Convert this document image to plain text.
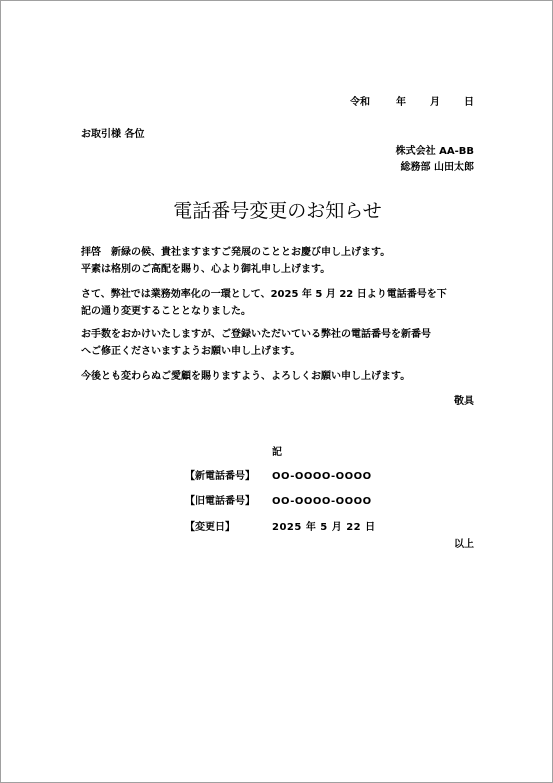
令和	年 月 日
お取引様 各位
株式会社 AA-BB
総務部 山田太郎
電話番号変更のお知らせ
拝啓　新緑の候、貴社ますますご発展のこととお慶び申し上げます。
平素は格別のご高配を賜り、心より御礼申し上げます。
さて、弊社では業務効率化の一環として、2025 年 5 月 22 日より電話番号を下
記の通り変更することとなりました。
お手数をおかけいたしますが、ご登録いただいている弊社の電話番号を新番号
へご修正くださいますようお願い申し上げます。
今後とも変わらぬご愛顧を賜りますよう、よろしくお願い申し上げます。
敬具
記
【新電話番号】 OO-OOOO-OOOO
【旧電話番号】 OO-OOOO-OOOO
【変更日】	2025 年 5 月 22 日
以上
